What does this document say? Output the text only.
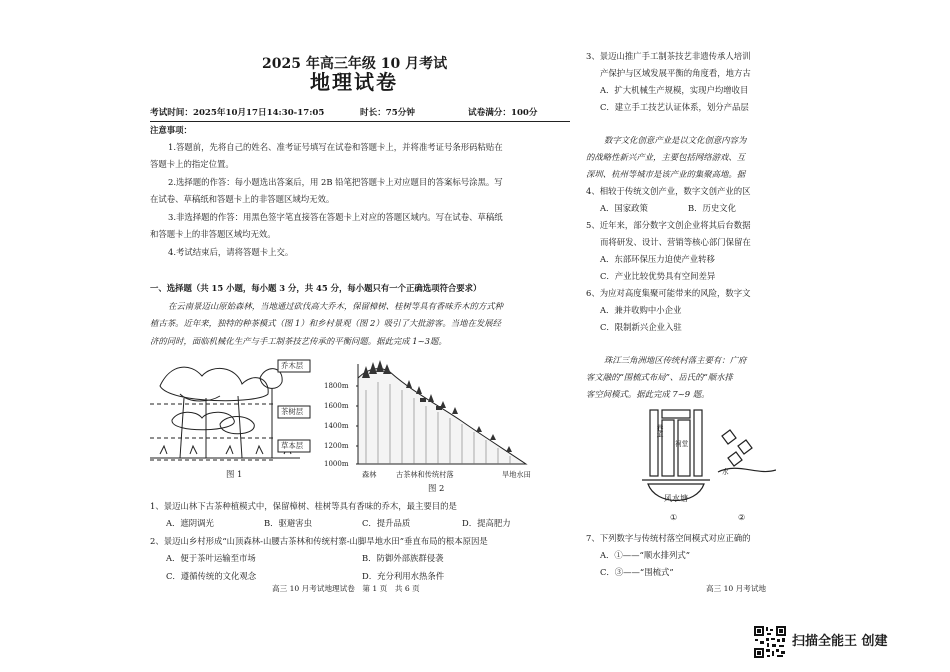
2025 年高三年级 10 月考试
地理试卷
考试时间：2025年10月17日14:30-17:05	时长：75分钟	试卷满分：100分
注意事项：
1.答题前，先将自己的姓名、准考证号填写在试卷和答题卡上，并将准考证号条形码粘贴在
答题卡上的指定位置。
2.选择题的作答：每小题选出答案后，用 2B 铅笔把答题卡上对应题目的答案标号涂黑。写
在试卷、草稿纸和答题卡上的非答题区域均无效。
3.非选择题的作答：用黑色签字笔直接答在答题卡上对应的答题区域内。写在试卷、草稿纸
和答题卡上的非答题区域均无效。
4.考试结束后，请将答题卡上交。
一、选择题（共 15 小题，每小题 3 分，共 45 分，每小题只有一个正确选项符合要求）
在云南景迈山原始森林，当地通过砍伐高大乔木，保留樟树、桂树等具有香味乔木的方式种
植古茶。近年来，独特的种茶模式（图 1）和乡村景观（图 2）吸引了大批游客。当地在发展经
济的同时，面临机械化生产与手工制茶技艺传承的平衡问题。据此完成 1~3题。
乔木层
茶树层
草本层
图 1
1800m
1600m
1400m
1200m
1000m
森林	古茶林和传统村落	旱地水田
图 2
1、景迈山林下古茶种植模式中，保留樟树、桂树等具有香味的乔木，最主要目的是
A．遮阴调光	B．驱避害虫	C．提升品质	D．提高肥力
2、景迈山乡村形成“山顶森林-山腰古茶林和传统村寨-山脚旱地水田”垂直布局的根本原因是
A．便于茶叶运输至市场	B．防御外部族群侵袭
C．遵循传统的文化观念	D．充分利用水热条件
高三 10 月考试地理试卷　第 1 页　共 6 页
3、景迈山推广手工制茶技艺非遗传承人培训
产保护与区域发展平衡的角度看，地方古
A．扩大机械生产规模，实现户均增收目
C．建立手工技艺认证体系，划分产品层
数字文化创意产业是以文化创意内容为
的战略性新兴产业，主要包括网络游戏、互
深圳、杭州等城市是该产业的集聚高地。据
4、相较于传统文创产业，数字文创产业的区
A．国家政策	B．历史文化
5、近年来，部分数字文创企业将其后台数据
而将研发、设计、营销等核心部门保留在
A．东部环保压力迫使产业转移
C．产业比较优势具有空间差异
6、为应对高度集聚可能带来的风险，数字文
A．兼并收购中小企业
C．限制新兴企业入驻
珠江三角洲地区传统村落主要有：广府
客文融的“围梳式布局”、岳氏的“顺水排
客空间模式。据此完成 7~9 题。
巷道
祠堂
风水塘
①	②
水
7、下列数字与传统村落空间模式对应正确的
A．①——“顺水排列式”
C．③——“围梳式”
高三 10 月考试地
扫描全能王 创建
